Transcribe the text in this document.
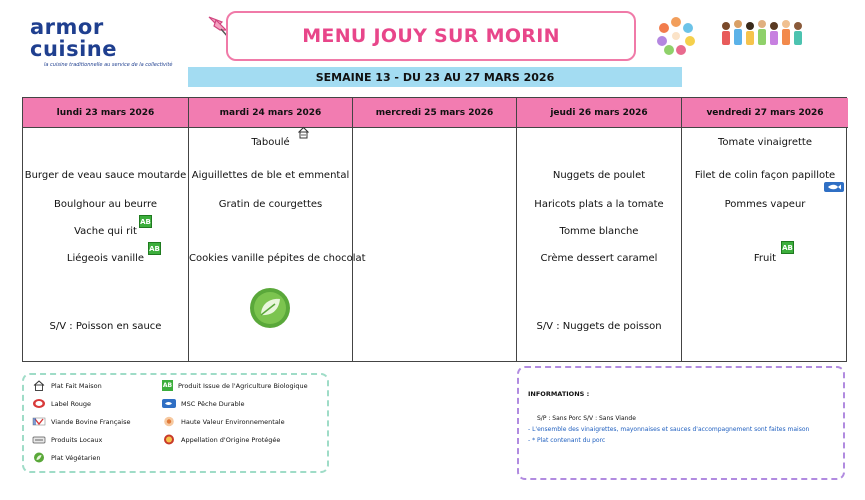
armor cuisine
la cuisine traditionnelle au service de la collectivité
MENU JOUY SUR MORIN
SEMAINE 13 - DU 23 AU 27 MARS 2026
lundi 23 mars 2026
Burger de veau sauce moutarde
Boulghour au beurre
Vache qui rit
AB
Liégeois vanille
AB
S/V : Poisson en sauce
mardi 24 mars 2026
Taboulé
Aiguillettes de ble et emmental
Gratin de courgettes
Cookies vanille pépites de chocolat
mercredi 25 mars 2026	jeudi 26 mars 2026
Nuggets de poulet
Haricots plats a la tomate
Tomme blanche
Crème dessert caramel
S/V : Nuggets de poisson
vendredi 27 mars 2026
Tomate vinaigrette
Filet de colin façon papillote
Pommes vapeur
Fruit
AB
Plat Fait Maison
Label Rouge
Viande Bovine Française
Produits Locaux
Plat Végétarien
AB Produit Issue de l'Agriculture Biologique
MSC Pêche Durable
Haute Valeur Environnementale
Appellation d'Origine Protégée
INFORMATIONS :
S/P : Sans Porc S/V : Sans Viande
- L'ensemble des vinaigrettes, mayonnaises et sauces d'accompagnement sont faites maison
- * Plat contenant du porc
